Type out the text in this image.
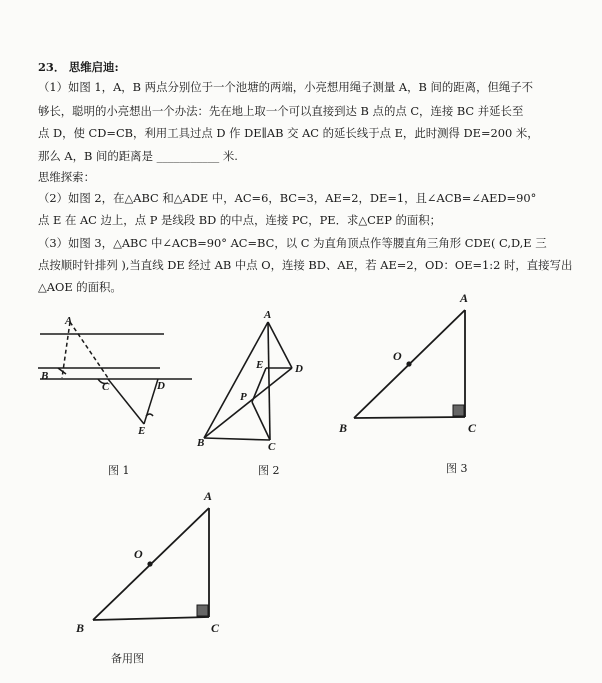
23． 思维启迪:
（1）如图 1，A，B 两点分别位于一个池塘的两端，小亮想用绳子测量 A，B 间的距离，但绳子不
够长，聪明的小亮想出一个办法：先在地上取一个可以直接到达 B 点的点 C，连接 BC 并延长至
点 D，使 CD=CB，利用工具过点 D 作 DE∥AB 交 AC 的延长线于点 E，此时测得 DE=200 米，
那么 A，B 间的距离是 ___________ 米.
思维探索：
（2）如图 2，在△ABC 和△ADE 中，AC=6，BC=3，AE=2，DE=1，且∠ACB=∠AED=90°
点 E 在 AC 边上，点 P 是线段 BD 的中点，连接 PC，PE．求△CEP 的面积；
（3）如图 3，△ABC 中∠ACB=90° AC=BC，以 C 为直角顶点作等腰直角三角形 CDE( C,D,E 三
点按顺时针排列 ),当直线 DE 经过 AB 中点 O，连接 BD、AE，若 AE=2，OD：OE=1:2 时，直接写出
△AOE 的面积。
A
B
C	D
E
A
E	D
P
B	C
A
O
B	C
A
O
B	C
图 1	图 2	图 3
备用图
